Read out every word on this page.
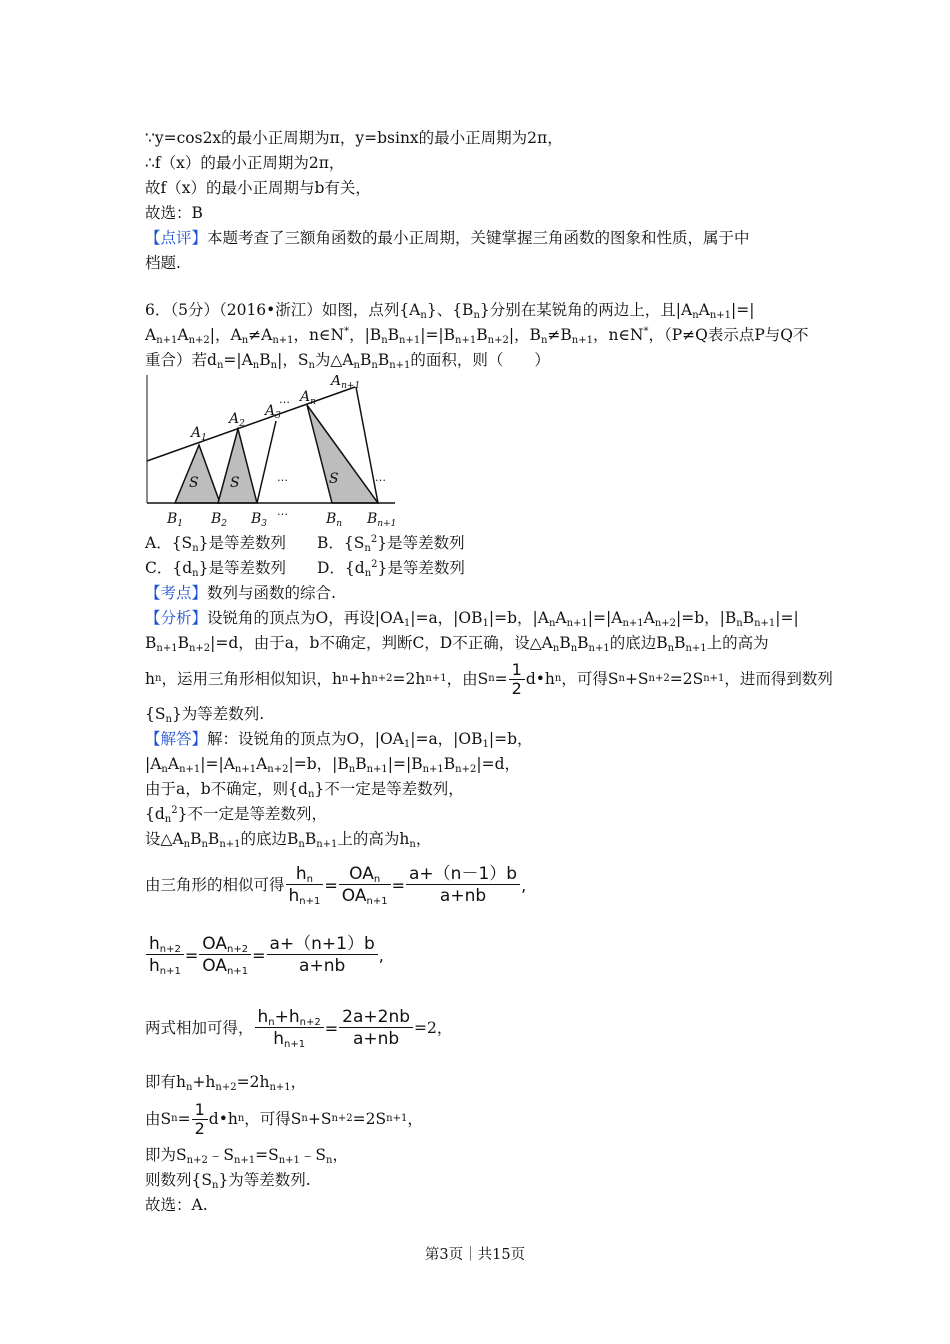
∵y=cos2x的最小正周期为π，y=bsinx的最小正周期为2π，
∴f（x）的最小正周期为2π，
故f（x）的最小正周期与b有关，
故选：B
【点评】本题考查了三额角函数的最小正周期，关键掌握三角函数的图象和性质，属于中
档题.
6．（5分）（2016•浙江）如图，点列$\{A_n\}$、$\{B_n\}$分别在某锐角的两边上，且$|A_nA_{n+1}|=|$
$A_{n+1}A_{n+2}|$，$A_n\ne A_{n+1}$，n∈N*，$|B_nB_{n+1}|=|B_{n+1}B_{n+2}|$，$B_n\ne B_{n+1}$，n∈N*，（P≠Q表示点P与Q不
重合）若$d_n=|A_nB_n|$，$S_n$为$\triangle A_nB_nB_{n+1}$的面积，则（　　）
$A_1$
$A_2$
$A_3$
$A_n$
$A_{n+1}$
$B_1$ $B_2$ $B_3$	$B_n$ $B_{n+1}$
S S	S
…
…	…
…
A．$\{S_n\}$是等差数列　　 B．$\{S_n^2\}$是等差数列
C．$\{d_n\}$是等差数列　　 D．$\{d_n^2\}$是等差数列
【考点】数列与函数的综合.
【分析】设锐角的顶点为O，再设$|OA_1|=a$，$|OB_1|=b$，$|A_nA_{n+1}|=|A_{n+1}A_{n+2}|=b$，$|B_nB_{n+1}|=|$
$B_{n+1}B_{n+2}|=d$，由于a，b不确定，判断C，D不正确，设$\triangle A_nB_nB_{n+1}$的底边$B_nB_{n+1}$上的高为
h n ，运用三角形相似知识，h n +h n+2 =2h n+1 ，由S $n = \frac{1}{2}$ d•h n ，可得S n +S n+2 =2S n+1 ，进而得到数列
$\{S_n\}$为等差数列.
【解答】解：设锐角的顶点为O，$|OA_1|=a$，$|OB_1|=b$，
$|A_nA_{n+1}|=|A_{n+1}A_{n+2}|=b$，$|B_nB_{n+1}|=|B_{n+1}B_{n+2}|=d$，
由于a，b不确定，则$\{d_n\}$不一定是等差数列，
$\{d_n^2\}$不一定是等差数列，
设$\triangle A_nB_nB_{n+1}$的底边$B_nB_{n+1}$上的高为$h_n$，
由三角形的相似可得 $\frac{h_n}{h_{n+1}} = \frac{OA_n}{OA_{n+1}} = \frac{a+(n-1)b}{a+nb}$ ,
$\frac{h_{n+2}}{h_{n+1}} = \frac{OA_{n+2}}{OA_{n+1}} = \frac{a+(n+1)b}{a+nb}$ ,
两式相加可得， $\frac{h_n+h_{n+2}}{h_{n+1}} = \frac{2a+2nb}{a+nb} =2$，
即有$h_n+h_{n+2}=2h_{n+1}$，
由S $n = \frac{1}{2}$ d•h n ，可得S n +S n+2 =2S n+1 ，
即为$S_{n+2}﹣S_{n+1}=S_{n+1}﹣S_n$，
则数列$\{S_n\}$为等差数列.
故选：A.
第3页｜共15页
